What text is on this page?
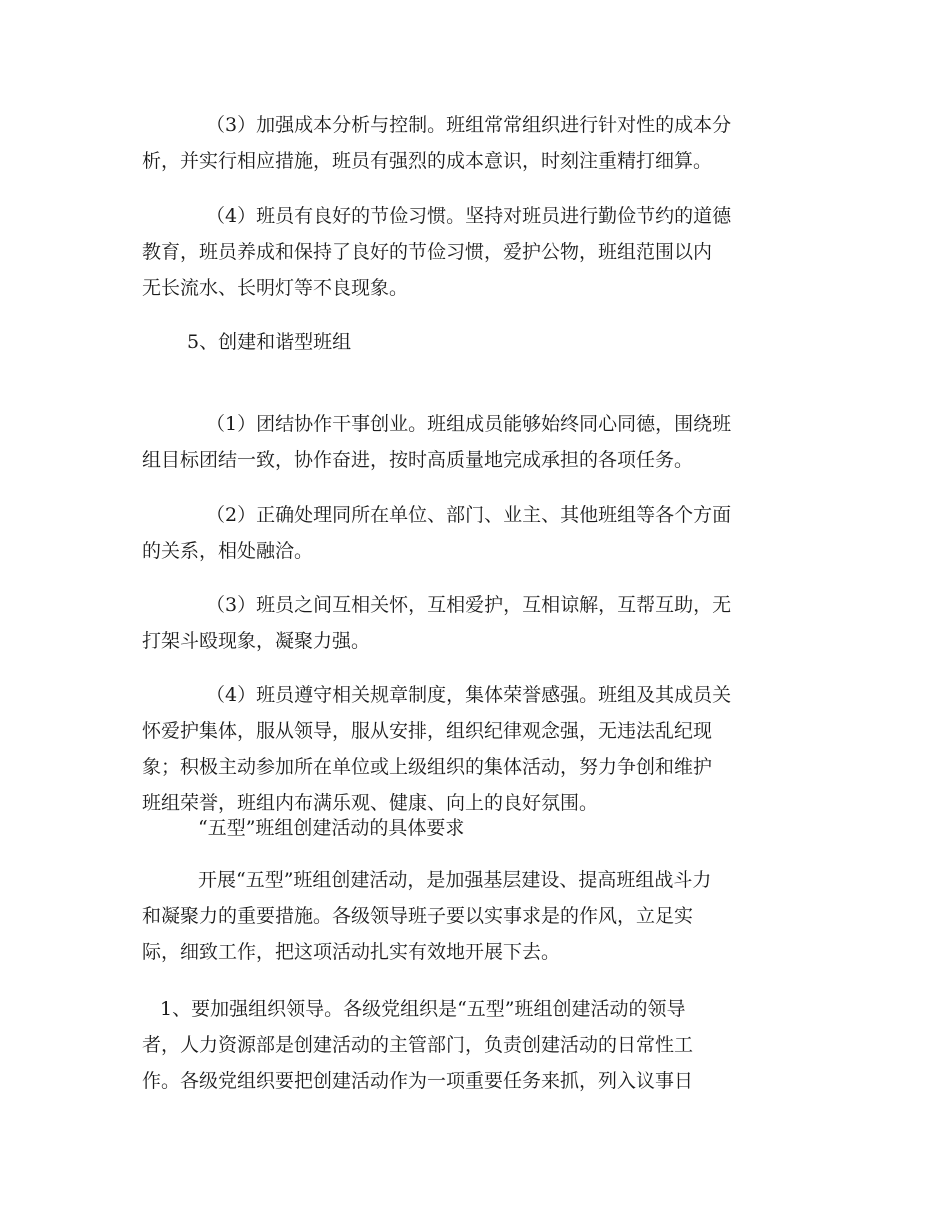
（3）加强成本分析与控制。班组常常组织进行针对性的成本分
析，并实行相应措施，班员有强烈的成本意识，时刻注重精打细算。
（4）班员有良好的节俭习惯。坚持对班员进行勤俭节约的道德
教育，班员养成和保持了良好的节俭习惯，爱护公物，班组范围以内
无长流水、长明灯等不良现象。
5、创建和谐型班组
（1）团结协作干事创业。班组成员能够始终同心同德，围绕班
组目标团结一致，协作奋进，按时高质量地完成承担的各项任务。
（2）正确处理同所在单位、部门、业主、其他班组等各个方面
的关系，相处融洽。
（3）班员之间互相关怀，互相爱护，互相谅解，互帮互助，无
打架斗殴现象，凝聚力强。
（4）班员遵守相关规章制度，集体荣誉感强。班组及其成员关
怀爱护集体，服从领导，服从安排，组织纪律观念强，无违法乱纪现
象；积极主动参加所在单位或上级组织的集体活动，努力争创和维护
班组荣誉，班组内布满乐观、健康、向上的良好氛围。
“五型”班组创建活动的具体要求
开展“五型”班组创建活动，是加强基层建设、提高班组战斗力
和凝聚力的重要措施。各级领导班子要以实事求是的作风，立足实
际，细致工作，把这项活动扎实有效地开展下去。
1、要加强组织领导。各级党组织是“五型”班组创建活动的领导
者，人力资源部是创建活动的主管部门，负责创建活动的日常性工
作。各级党组织要把创建活动作为一项重要任务来抓，列入议事日
